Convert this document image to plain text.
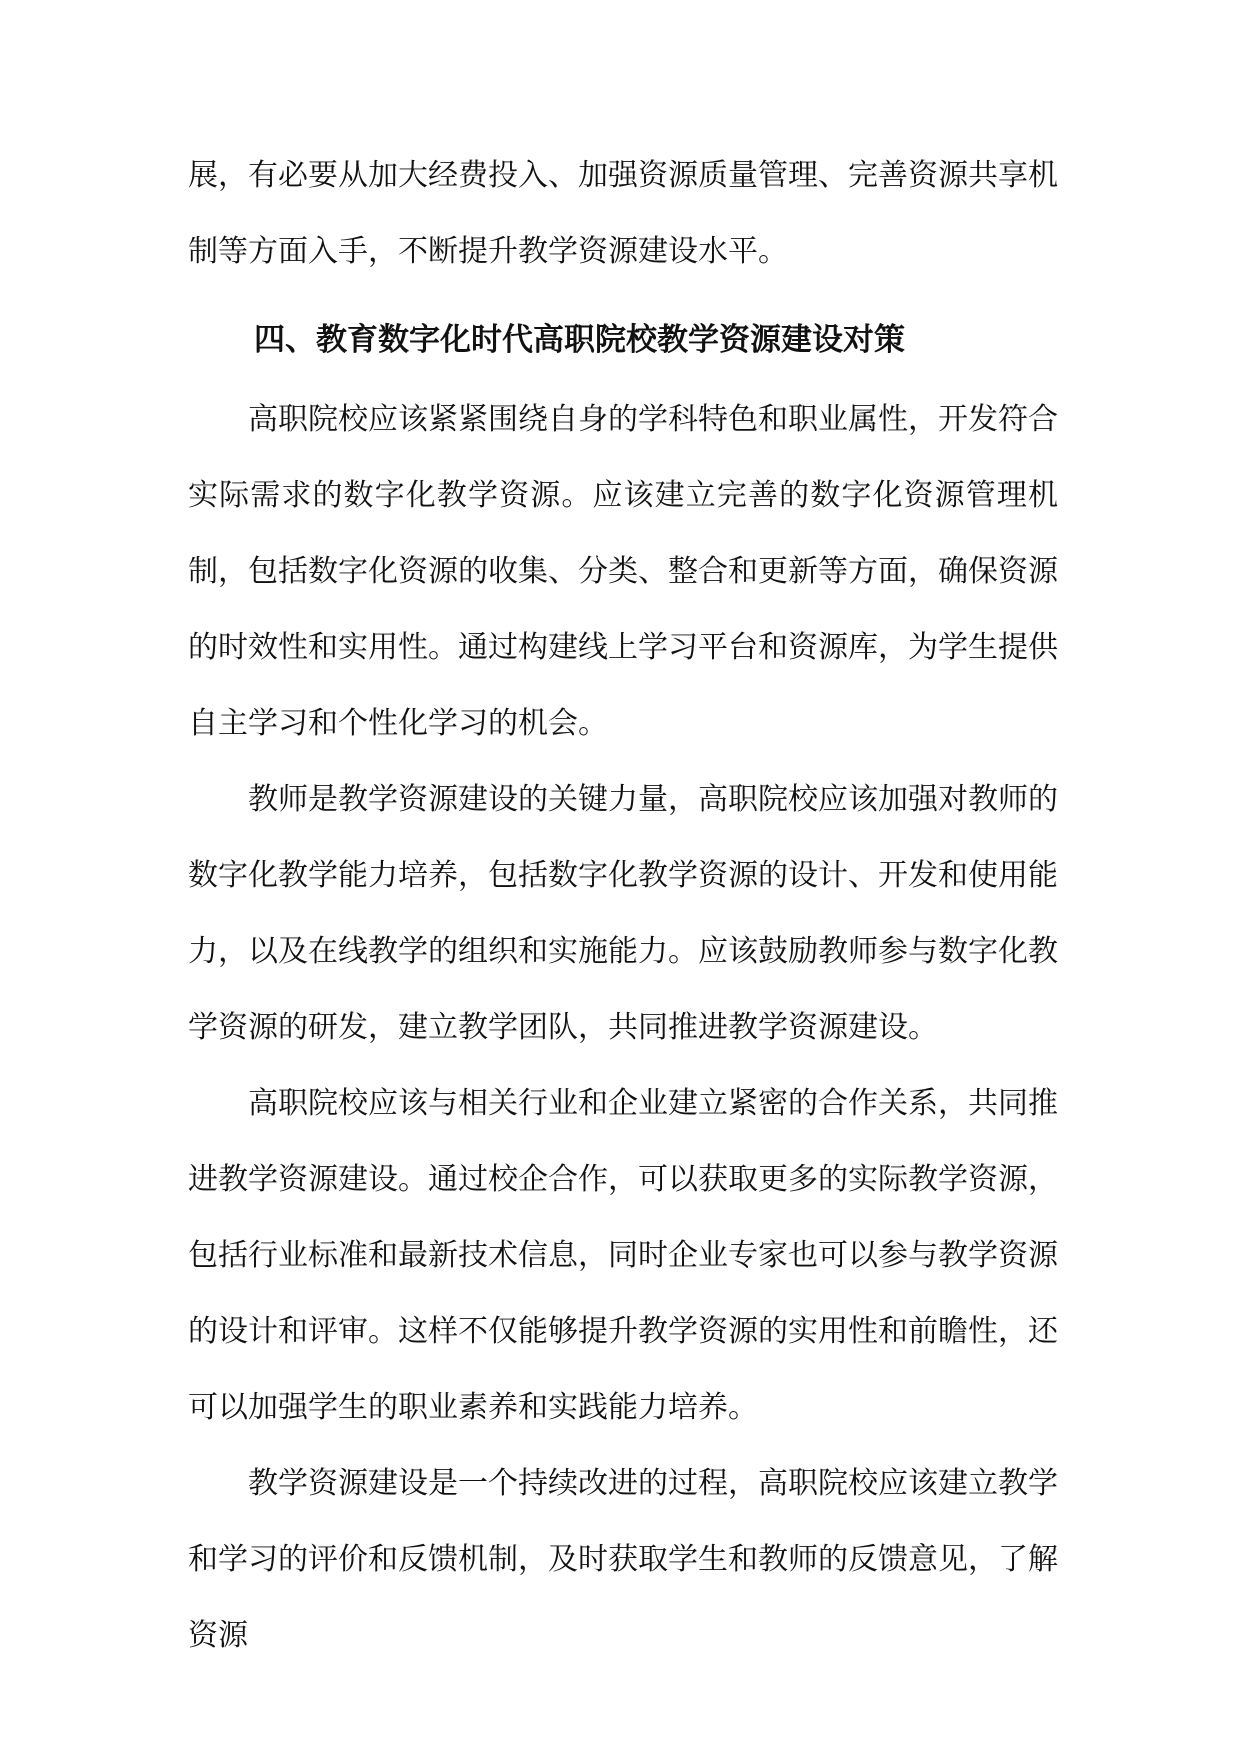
展，有必要从加大经费投入、加强资源质量管理、完善资源共享机制等方面入手，不断提升教学资源建设水平。

四、教育数字化时代高职院校教学资源建设对策

高职院校应该紧紧围绕自身的学科特色和职业属性，开发符合实际需求的数字化教学资源。应该建立完善的数字化资源管理机制，包括数字化资源的收集、分类、整合和更新等方面，确保资源的时效性和实用性。通过构建线上学习平台和资源库，为学生提供自主学习和个性化学习的机会。

教师是教学资源建设的关键力量，高职院校应该加强对教师的数字化教学能力培养，包括数字化教学资源的设计、开发和使用能力，以及在线教学的组织和实施能力。应该鼓励教师参与数字化教学资源的研发，建立教学团队，共同推进教学资源建设。

高职院校应该与相关行业和企业建立紧密的合作关系，共同推进教学资源建设。通过校企合作，可以获取更多的实际教学资源，包括行业标准和最新技术信息，同时企业专家也可以参与教学资源的设计和评审。这样不仅能够提升教学资源的实用性和前瞻性，还可以加强学生的职业素养和实践能力培养。

教学资源建设是一个持续改进的过程，高职院校应该建立教学和学习的评价和反馈机制，及时获取学生和教师的反馈意见，了解资源
